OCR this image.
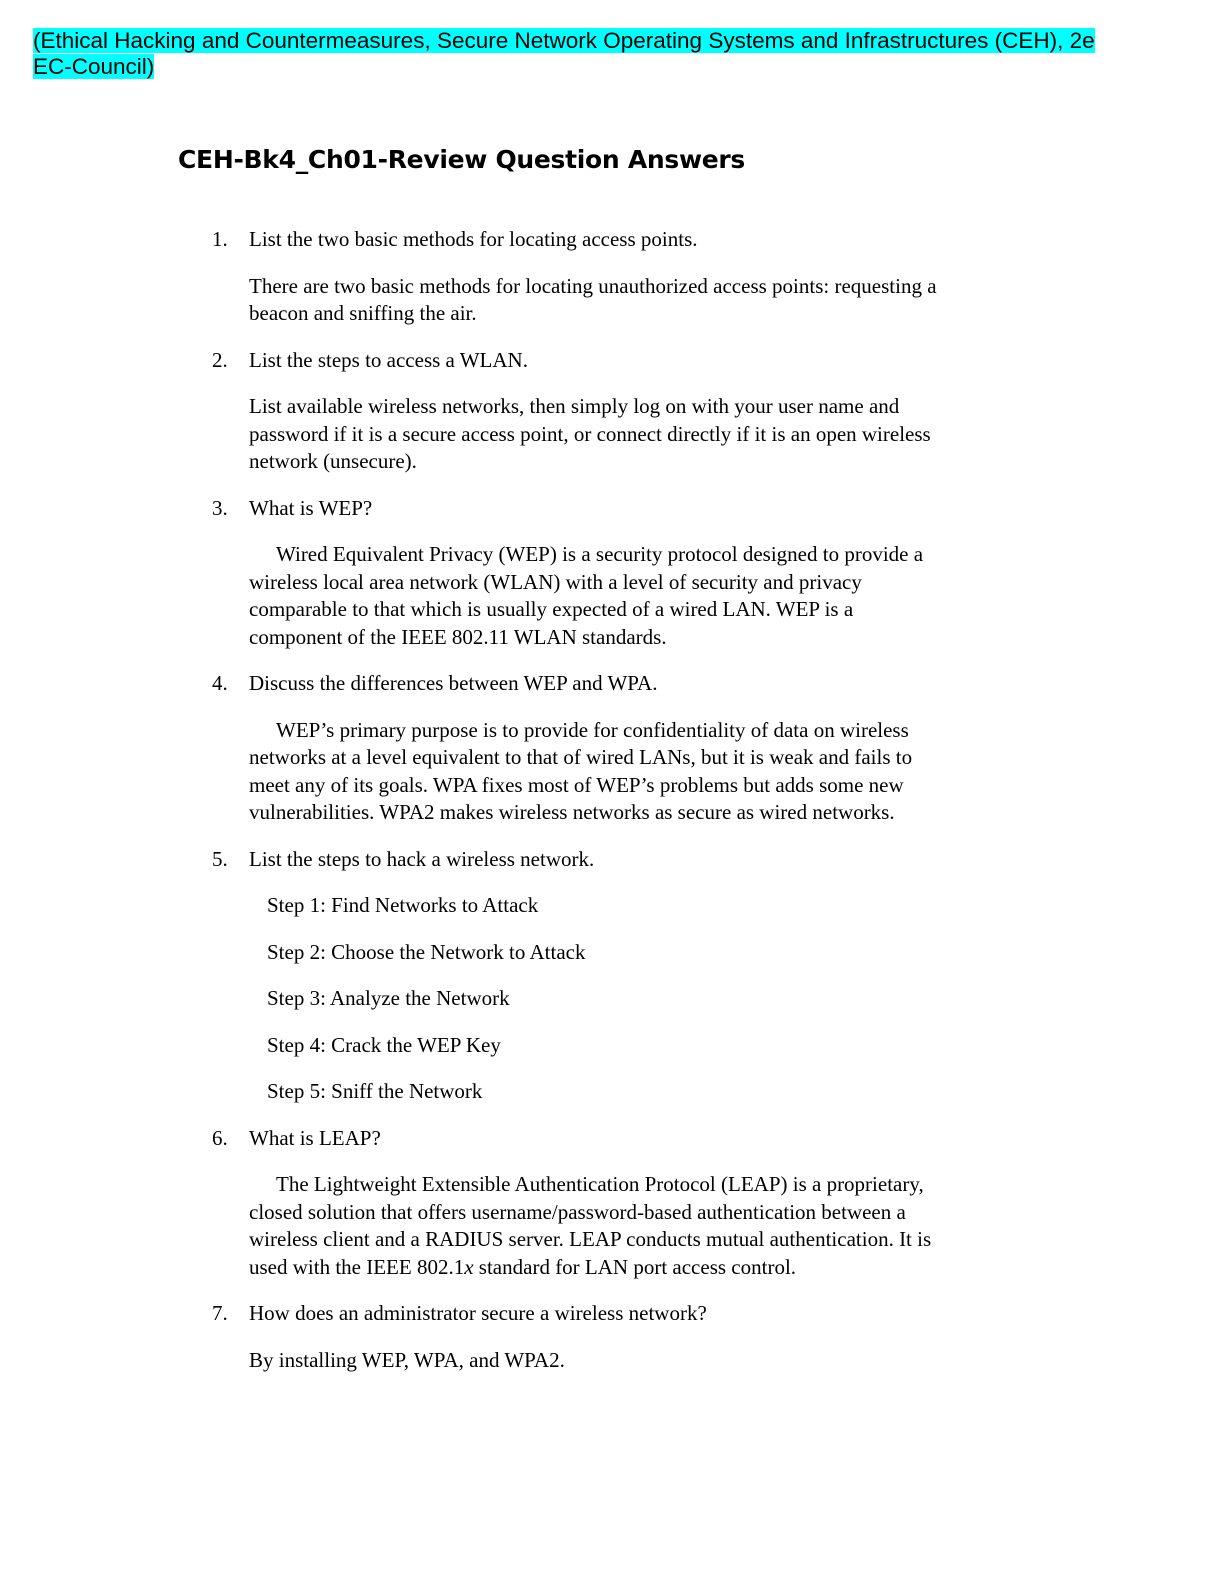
(Ethical Hacking and Countermeasures, Secure Network Operating Systems and Infrastructures (CEH), 2e
EC-Council)
CEH-Bk4_Ch01-Review Question Answers
1. List the two basic methods for locating access points.
There are two basic methods for locating unauthorized access points: requesting a
beacon and sniffing the air.
2. List the steps to access a WLAN.
List available wireless networks, then simply log on with your user name and
password if it is a secure access point, or connect directly if it is an open wireless
network (unsecure).
3. What is WEP?
Wired Equivalent Privacy (WEP) is a security protocol designed to provide a
wireless local area network (WLAN) with a level of security and privacy
comparable to that which is usually expected of a wired LAN. WEP is a
component of the IEEE 802.11 WLAN standards.
4. Discuss the differences between WEP and WPA.
WEP’s primary purpose is to provide for confidentiality of data on wireless
networks at a level equivalent to that of wired LANs, but it is weak and fails to
meet any of its goals. WPA fixes most of WEP’s problems but adds some new
vulnerabilities. WPA2 makes wireless networks as secure as wired networks.
5. List the steps to hack a wireless network.
Step 1: Find Networks to Attack
Step 2: Choose the Network to Attack
Step 3: Analyze the Network
Step 4: Crack the WEP Key
Step 5: Sniff the Network
6. What is LEAP?
The Lightweight Extensible Authentication Protocol (LEAP) is a proprietary,
closed solution that offers username/password-based authentication between a
wireless client and a RADIUS server. LEAP conducts mutual authentication. It is
used with the IEEE 802.1x standard for LAN port access control.
7. How does an administrator secure a wireless network?
By installing WEP, WPA, and WPA2.
